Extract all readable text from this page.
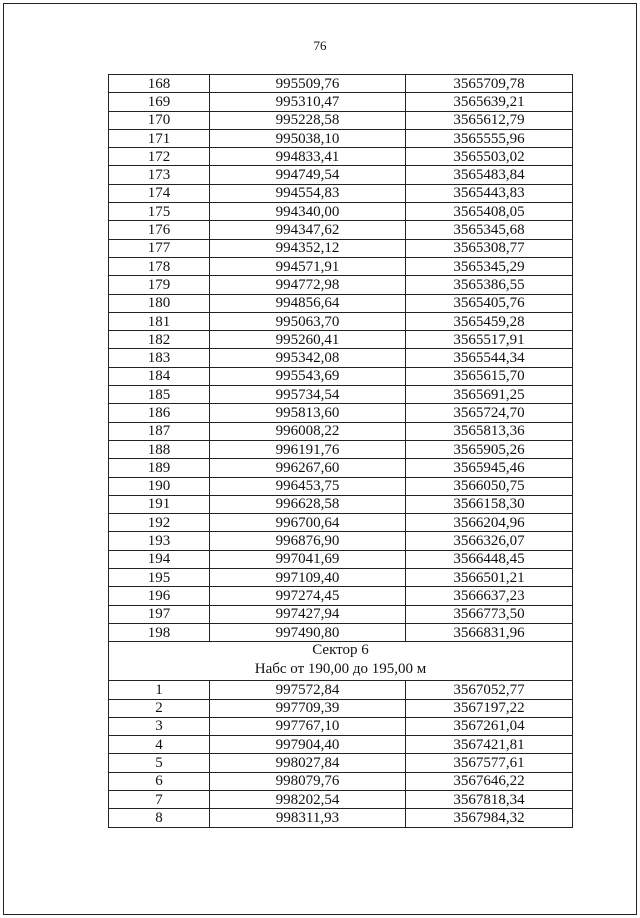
76
168	995509,76	3565709,78
169	995310,47	3565639,21
170	995228,58	3565612,79
171	995038,10	3565555,96
172	994833,41	3565503,02
173	994749,54	3565483,84
174	994554,83	3565443,83
175	994340,00	3565408,05
176	994347,62	3565345,68
177	994352,12	3565308,77
178	994571,91	3565345,29
179	994772,98	3565386,55
180	994856,64	3565405,76
181	995063,70	3565459,28
182	995260,41	3565517,91
183	995342,08	3565544,34
184	995543,69	3565615,70
185	995734,54	3565691,25
186	995813,60	3565724,70
187	996008,22	3565813,36
188	996191,76	3565905,26
189	996267,60	3565945,46
190	996453,75	3566050,75
191	996628,58	3566158,30
192	996700,64	3566204,96
193	996876,90	3566326,07
194	997041,69	3566448,45
195	997109,40	3566501,21
196	997274,45	3566637,23
197	997427,94	3566773,50
198	997490,80	3566831,96

Сектор 6
Набс от 190,00 до 195,00 м		

1	997572,84	3567052,77
2	997709,39	3567197,22
3	997767,10	3567261,04
4	997904,40	3567421,81
5	998027,84	3567577,61
6	998079,76	3567646,22
7	998202,54	3567818,34
8	998311,93	3567984,32
